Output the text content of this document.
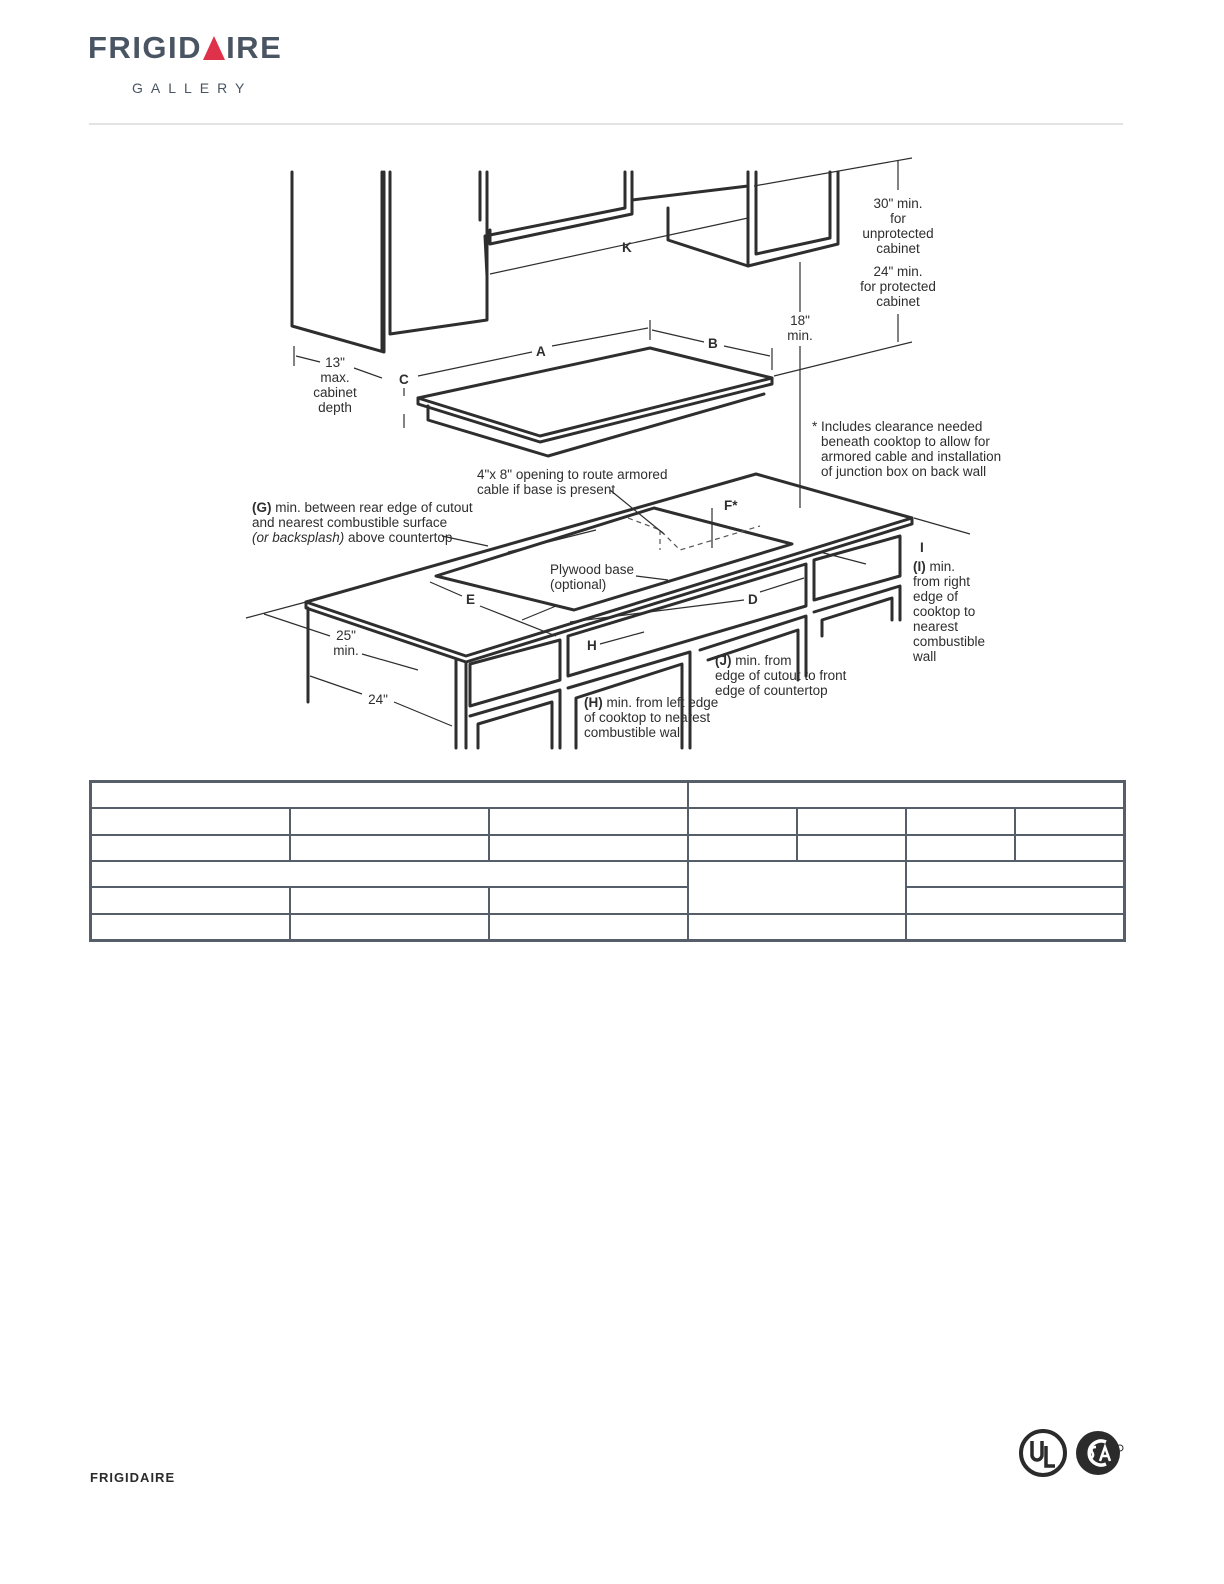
FRIGID IRE
GALLERY
K
A
B
C
D
E
F*
H
I
30" min.
for
unprotected
cabinet
24" min.
for protected
cabinet
18"
min.
13"
max.
cabinet
depth
* Includes clearance needed
beneath cooktop to allow for
armored cable and installation
of junction box on back wall
4"x 8" opening to route armored
cable if base is present
(G) min. between rear edge of cutout
and nearest combustible surface
(or backsplash) above countertop
Plywood base
(optional)
(I) min.
from right
edge of
cooktop to
nearest
combustible
wall
25"
min.
24"
(J) min. from
edge of cutout to front
edge of countertop
(H) min. from left edge
of cooktop to nearest
combustible wall

FRIGIDAIRE
